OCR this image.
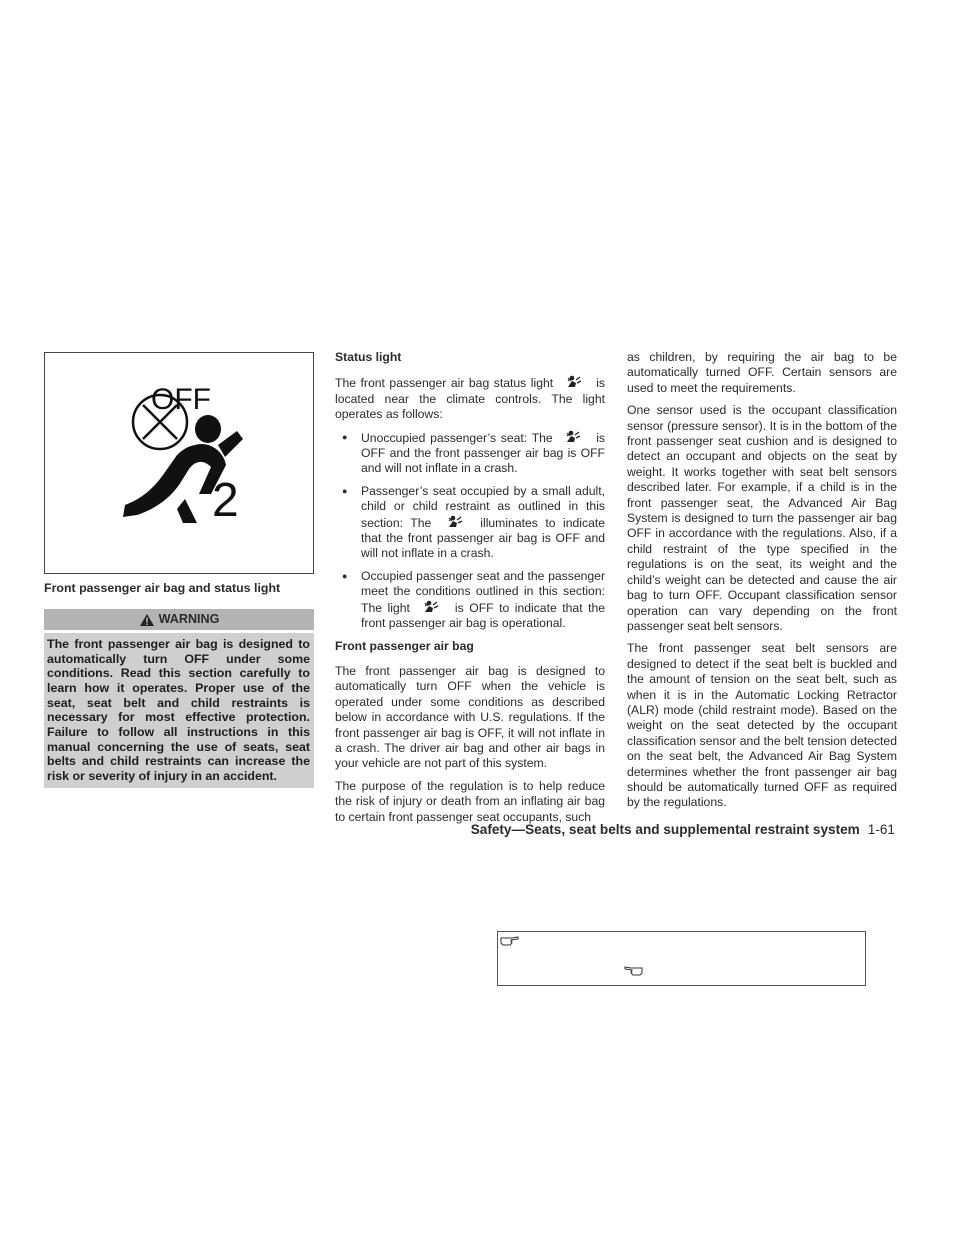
OFF
2
Front passenger air bag and status light
WARNING
The front passenger air bag is designed to automatically turn OFF under some conditions. Read this section carefully to learn how it operates. Proper use of the seat, seat belt and child restraints is necessary for most effective protection. Failure to follow all instructions in this manual concerning the use of seats, seat belts and child restraints can increase the risk or severity of injury in an accident.
Status light

The front passenger air bag status light	is located near the climate controls. The light operates as follows:

● Unoccupied passenger’s seat: The	is OFF and the front passenger air bag is OFF and will not inflate in a crash.
● Passenger’s seat occupied by a small adult, child or child restraint as outlined in this section: The	illuminates to indicate that the front passenger air bag is OFF and will not inflate in a crash.
● Occupied passenger seat and the passenger meet the conditions outlined in this section: The light	is OFF to indicate that the front passenger air bag is operational.
Front passenger air bag

The front passenger air bag is designed to automatically turn OFF when the vehicle is operated under some conditions as described below in accordance with U.S. regulations. If the front passenger air bag is OFF, it will not inflate in a crash. The driver air bag and other air bags in your vehicle are not part of this system.

The purpose of the regulation is to help reduce the risk of injury or death from an inflating air bag to certain front passenger seat occupants, such

as children, by requiring the air bag to be automatically turned OFF. Certain sensors are used to meet the requirements.

One sensor used is the occupant classification sensor (pressure sensor). It is in the bottom of the front passenger seat cushion and is designed to detect an occupant and objects on the seat by weight. It works together with seat belt sensors described later. For example, if a child is in the front passenger seat, the Advanced Air Bag System is designed to turn the passenger air bag OFF in accordance with the regulations. Also, if a child restraint of the type specified in the regulations is on the seat, its weight and the child’s weight can be detected and cause the air bag to turn OFF. Occupant classification sensor operation can vary depending on the front passenger seat belt sensors.

The front passenger seat belt sensors are designed to detect if the seat belt is buckled and the amount of tension on the seat belt, such as when it is in the Automatic Locking Retractor (ALR) mode (child restraint mode). Based on the weight on the seat detected by the occupant classification sensor and the belt tension detected on the seat belt, the Advanced Air Bag System determines whether the front passenger air bag should be automatically turned OFF as required by the regulations.

Safety—Seats, seat belts and supplemental restraint system 1-61
